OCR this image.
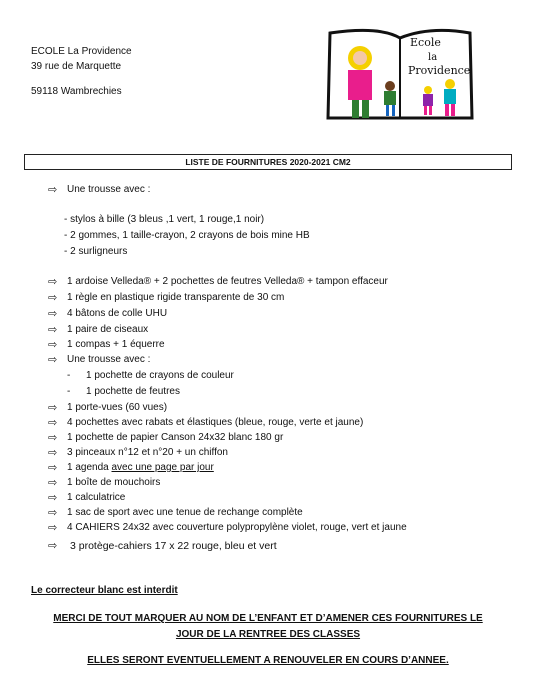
ECOLE La Providence
39 rue de Marquette
59118 Wambrechies
Ecole
la
Providence
LISTE DE FOURNITURES 2020-2021 CM2
⇨ Une trousse avec :
- stylos à bille (3 bleus ,1 vert, 1 rouge,1 noir)
- 2 gommes, 1 taille-crayon, 2 crayons de bois mine HB
- 2 surligneurs
⇨ 1 ardoise Velleda® + 2 pochettes de feutres Velleda® + tampon effaceur
⇨ 1 règle en plastique rigide transparente de 30 cm
⇨ 4 bâtons de colle UHU
⇨ 1 paire de ciseaux
⇨ 1 compas + 1 équerre
⇨ Une trousse avec :
- 1 pochette de crayons de couleur
- 1 pochette de feutres
⇨ 1 porte-vues (60 vues)
⇨ 4 pochettes avec rabats et élastiques (bleue, rouge, verte et jaune)
⇨ 1 pochette de papier Canson 24x32 blanc 180 gr
⇨ 3 pinceaux n°12 et n°20 + un chiffon
⇨ 1 agenda avec une page par jour
⇨ 1 boîte de mouchoirs
⇨ 1 calculatrice
⇨ 1 sac de sport avec une tenue de rechange complète
⇨ 4 CAHIERS 24x32 avec couverture polypropylène violet, rouge, vert et jaune
⇨ 3 protège-cahiers 17 x 22 rouge, bleu et vert
Le correcteur blanc est interdit
MERCI DE TOUT MARQUER AU NOM DE L’ENFANT ET D’AMENER CES FOURNITURES LE
JOUR DE LA RENTREE DES CLASSES
ELLES SERONT EVENTUELLEMENT A RENOUVELER EN COURS D’ANNEE.
